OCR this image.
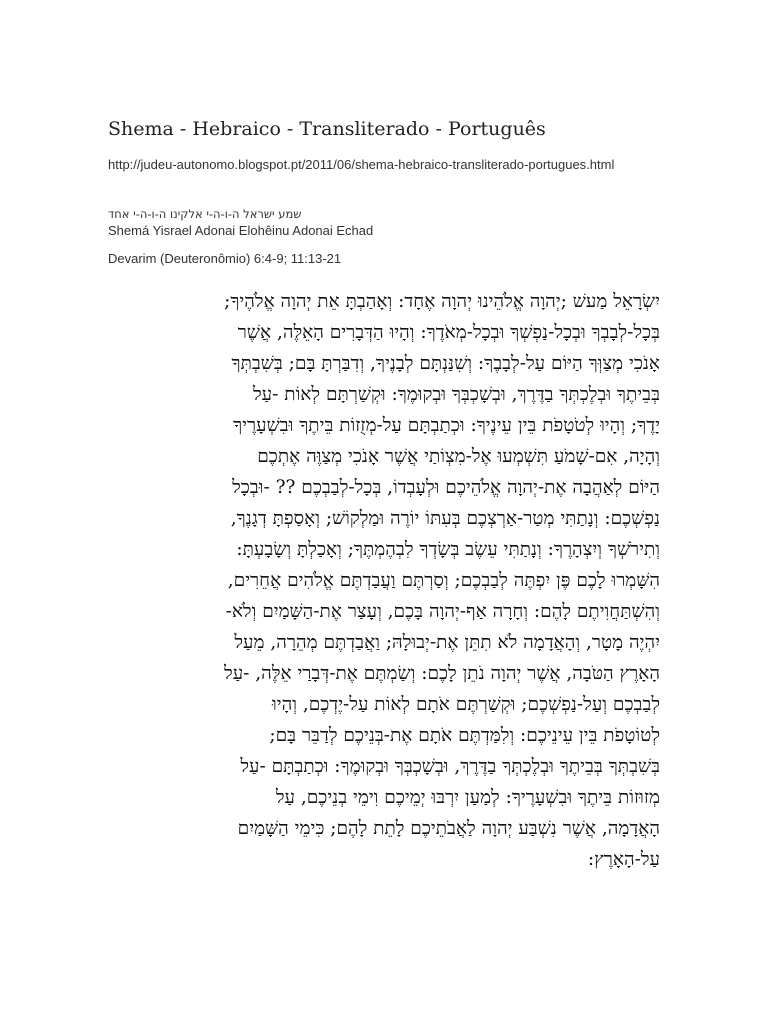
Shema - Hebraico - Transliterado - Português
http://judeu-autonomo.blogspot.pt/2011/06/shema-hebraico-transliterado-portugues.html
שמע ישראל ה-ו-ה-י אלקינו ה-ו-ה-י אחד
Shemá Yisrael Adonai Elohêinu Adonai Echad
Devarim (Deuteronômio) 6:4-9; 11:13-21
יִשְׂרָאֵל מַעשׁ ;יְהוָה אֱלֹהֵינוּ יְהוָה אֶחָד: וְאָהַבְתָּ אֵת יְהוָה אֱלֹהֶיךָ;
בְּכָל-לְבָבְךָ וּבְכָל-נַפְשְׁךָ וּבְכָל-מְאֹדֶךָ: וְהָיוּ הַדְּבָרִים הָאֵלֶּה, אֲשֶׁר
אָנֹכִי מְצַוְּךָ הַיּוֹם עַל-לְבָבֶךָ: וְשִׁנַּנְתָּם לְבָנֶיךָ, וְדִבַּרְתָּ בָּם; בְּשִׁבְתְּךָ
בְּבֵיתֶךָ וּבְלֶכְתְּךָ בַדֶּרֶךְ, וּבְשָׁכְבְּךָ וּבְקוּמֶךָ: וּקְשַׁרְתָּם לְאוֹת -עַל
יָדֶךָ; וְהָיוּ לְטֹטָפֹת בֵּין עֵינֶיךָ: וּכְתַבְתָּם עַל-מְזֻזוֹת בֵּיתֶךָ וּבִשְׁעָרֶיךָ
וְהָיָה, אִם-שָׁמֹעַ תִּשְׁמְעוּ אֶל-מִצְוֹתַי אֲשֶׁר אָנֹכִי מְצַוֶּה אֶתְכֶם
הַיּוֹם לְאַהֲבָה אֶת-יְהוָה אֱלֹהֵיכֶם וּלְעָבְדוֹ, בְּכָל-לְבַבְכֶם ?? -וּבְכָל
נַפְשְׁכֶם: וְנָתַתִּי מְטַר-אַרְצְכֶם בְּעִתּוֹ יוֹרֶה וּמַלְקוֹשׁ; וְאָסַפְתָּ דְגָנֶךָ,
וְתִירֹשְׁךָ וְיִצְהָרֶךָ: וְנָתַתִּי עֵשֶׂב בְּשָׂדְךָ לִבְהֶמְתֶּךָ; וְאָכַלְתָּ וְשָׂבָעְתָּ:
הִשָּׁמְרוּ לָכֶם פֶּן יִפְתֶּה לְבַבְכֶם; וְסַרְתֶּם וַעֲבַדְתֶּם אֱלֹהִים אֲחֵרִים,
וְהִשְׁתַּחֲוִיתֶם לָהֶם: וְחָרָה אַף-יְהוָה בָּכֶם, וְעָצַר אֶת-הַשָּׁמַיִם וְלֹא-
יִהְיֶה מָטָר, וְהָאֲדָמָה לֹא תִתֵּן אֶת-יְבוּלָהּ; וַאֲבַדְתֶּם מְהֵרָה, מֵעַל
הָאָרֶץ הַטֹּבָה, אֲשֶׁר יְהוָה נֹתֵן לָכֶם: וְשַׂמְתֶּם אֶת-דְּבָרַי אֵלֶּה, -עַל
לְבַבְכֶם וְעַל-נַפְשְׁכֶם; וּקְשַׁרְתֶּם אֹתָם לְאוֹת עַל-יֶדְכֶם, וְהָיוּ
לְטוֹטָפֹת בֵּין עֵינֵיכֶם: וְלִמַּדְתֶּם אֹתָם אֶת-בְּנֵיכֶם לְדַבֵּר בָּם;
בְּשִׁבְתְּךָ בְּבֵיתֶךָ וּבְלֶכְתְּךָ בַדֶּרֶךְ, וּבְשָׁכְבְּךָ וּבְקוּמֶךָ: וּכְתַבְתָּם -עַל
מְזוּזוֹת בֵּיתֶךָ וּבִשְׁעָרֶיךָ: לְמַעַן יִרְבּוּ יְמֵיכֶם וִימֵי בְנֵיכֶם, עַל
הָאֲדָמָה, אֲשֶׁר נִשְׁבַּע יְהוָה לַאֲבֹתֵיכֶם לָתֵת לָהֶם; כִּימֵי הַשָּׁמַיִם
עַל-הָאָרֶץ:
